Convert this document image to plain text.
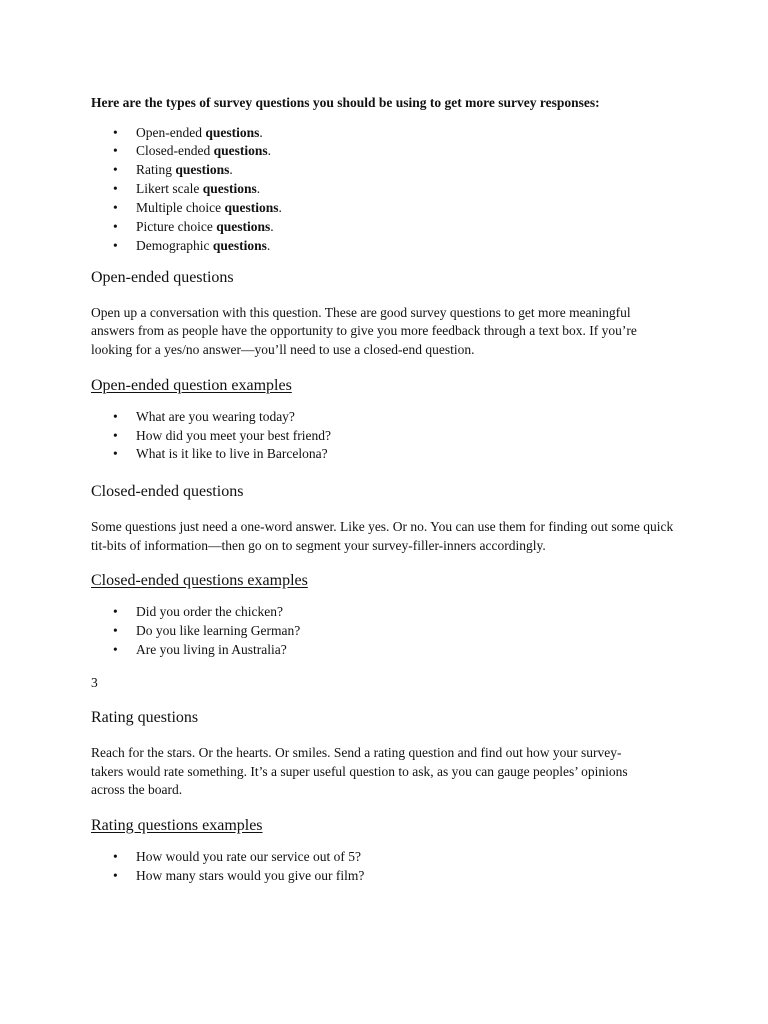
Here are the types of survey questions you should be using to get more survey responses:

• Open-ended questions.
• Closed-ended questions.
• Rating questions.
• Likert scale questions.
• Multiple choice questions.
• Picture choice questions.
• Demographic questions.
Open-ended questions

Open up a conversation with this question. These are good survey questions to get more meaningful answers from as people have the opportunity to give you more feedback through a text box. If you’re looking for a yes/no answer—you’ll need to use a closed-end question.

Open-ended question examples
• What are you wearing today?
• How did you meet your best friend?
• What is it like to live in Barcelona?
Closed-ended questions

Some questions just need a one-word answer. Like yes. Or no. You can use them for finding out some quick tit-bits of information—then go on to segment your survey-filler-inners accordingly.

Closed-ended questions examples
• Did you order the chicken?
• Do you like learning German?
• Are you living in Australia?

3

Rating questions

Reach for the stars. Or the hearts. Or smiles. Send a rating question and find out how your survey-takers would rate something. It’s a super useful question to ask, as you can gauge peoples’ opinions across the board.

Rating questions examples
• How would you rate our service out of 5?
• How many stars would you give our film?
